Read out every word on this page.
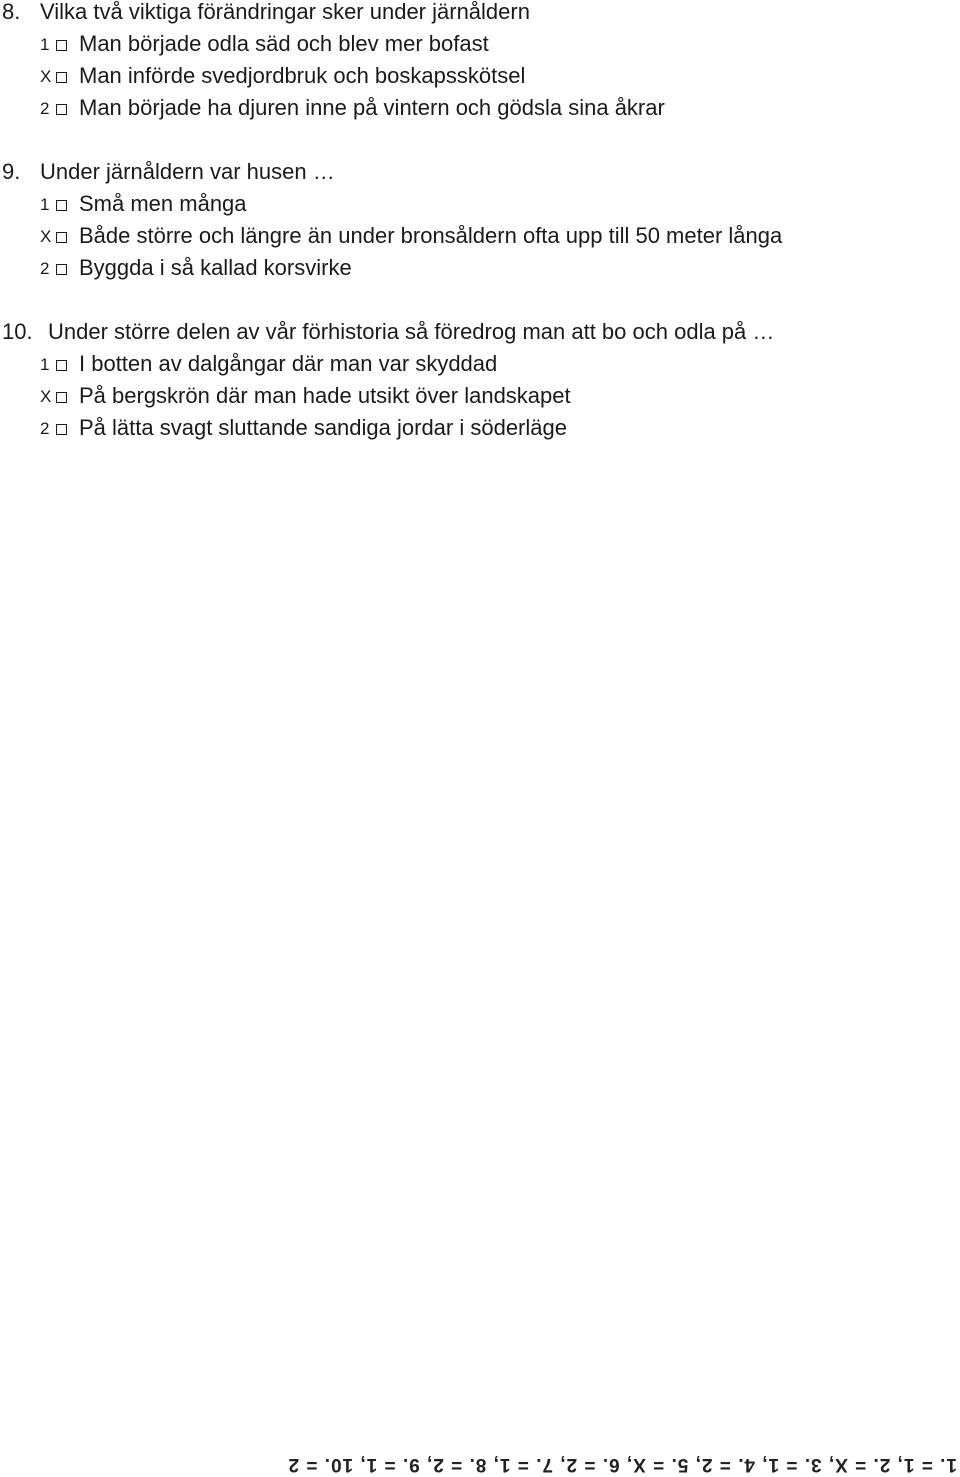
8. Vilka två viktiga förändringar sker under järnåldern
1 Man började odla säd och blev mer bofast
X Man införde svedjordbruk och boskapsskötsel
2 Man började ha djuren inne på vintern och gödsla sina åkrar
9. Under järnåldern var husen …
1 Små men många
X Både större och längre än under bronsåldern ofta upp till 50 meter långa
2 Byggda i så kallad korsvirke
10. Under större delen av vår förhistoria så föredrog man att bo och odla på …
1 I botten av dalgångar där man var skyddad
X På bergskrön där man hade utsikt över landskapet
2 På lätta svagt sluttande sandiga jordar i söderläge
1. = 1, 2. = X, 3. = 1, 4. = 2, 5. = X, 6. = 2, 7. = 1, 8. = 2, 9. = 1, 10. = 2
